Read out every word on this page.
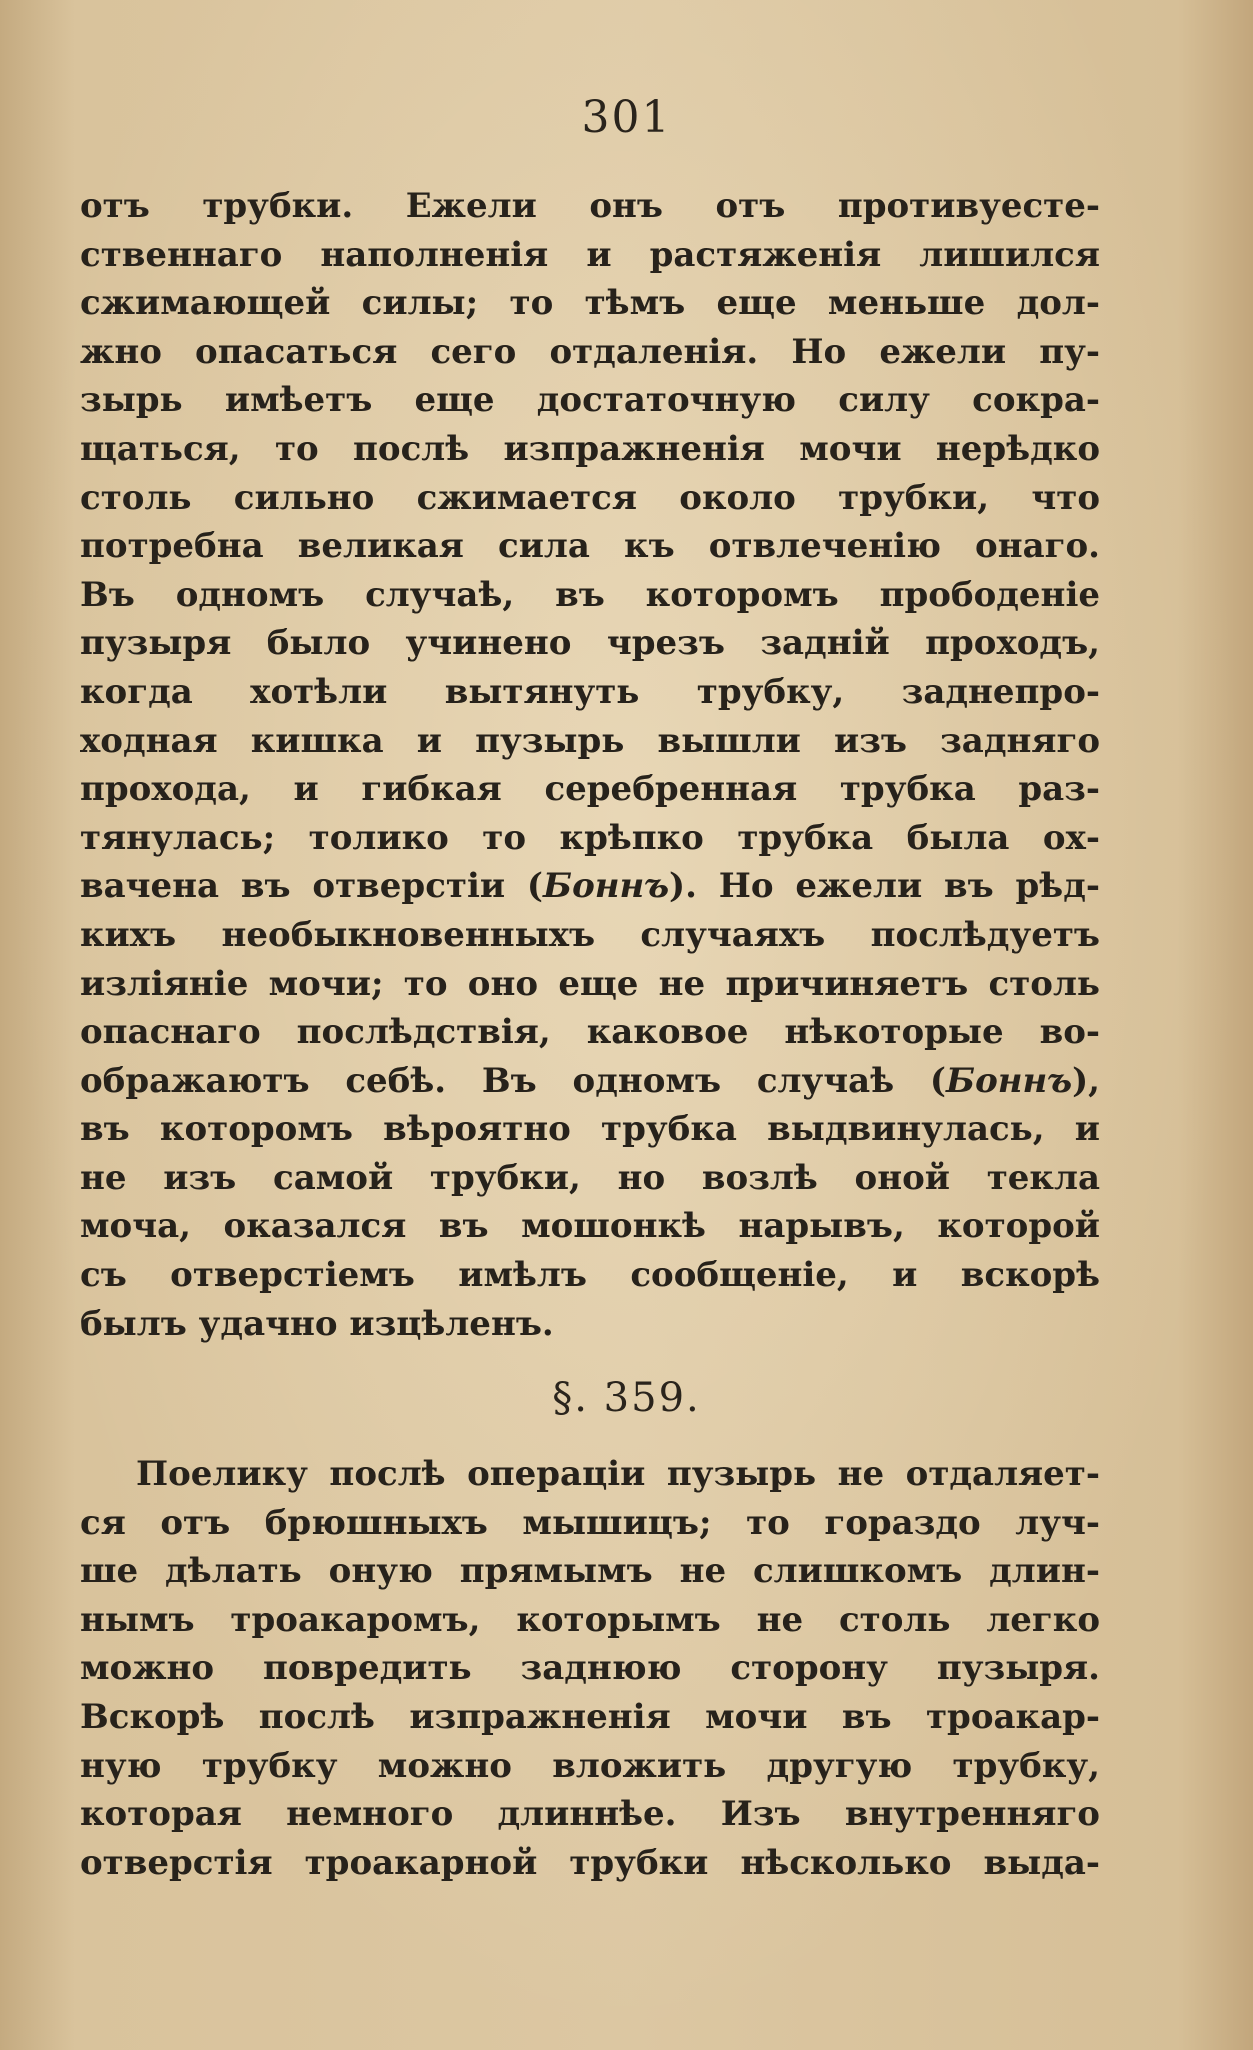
301
отъ трубки. Ежели онъ отъ противуесте-
ственнаго наполненія и растяженія лишился
сжимающей силы; то тѣмъ еще меньше дол-
жно опасаться сего отдаленія. Но ежели пу-
зырь имѣетъ еще достаточную силу сокра-
щаться, то послѣ изпражненія мочи нерѣдко
столь сильно сжимается около трубки, что
потребна великая сила къ отвлеченію онаго.
Въ одномъ случаѣ, въ которомъ прободеніе
пузыря было учинено чрезъ задній проходъ,
когда хотѣли вытянуть трубку, заднепро-
ходная кишка и пузырь вышли изъ задняго
прохода, и гибкая серебренная трубка раз-
тянулась; толико то крѣпко трубка была ох-
вачена въ отверстіи (Боннъ). Но ежели въ рѣд-
кихъ необыкновенныхъ случаяхъ послѣдуетъ
изліяніе мочи; то оно еще не причиняетъ столь
опаснаго послѣдствія, каковое нѣкоторые во-
ображаютъ себѣ. Въ одномъ случаѣ (Боннъ),
въ которомъ вѣроятно трубка выдвинулась, и
не изъ самой трубки, но возлѣ оной текла
моча, оказался въ мошонкѣ нарывъ, которой
съ отверстіемъ имѣлъ сообщеніе, и вскорѣ
былъ удачно изцѣленъ.
§. 359.
Поелику послѣ операціи пузырь не отдаляет-
ся отъ брюшныхъ мышицъ; то гораздо луч-
ше дѣлать оную прямымъ не слишкомъ длин-
нымъ троакаромъ, которымъ не столь легко
можно повредить заднюю сторону пузыря.
Вскорѣ послѣ изпражненія мочи въ троакар-
ную трубку можно вложить другую трубку,
которая немного длиннѣе. Изъ внутренняго
отверстія троакарной трубки нѣсколько выда-
